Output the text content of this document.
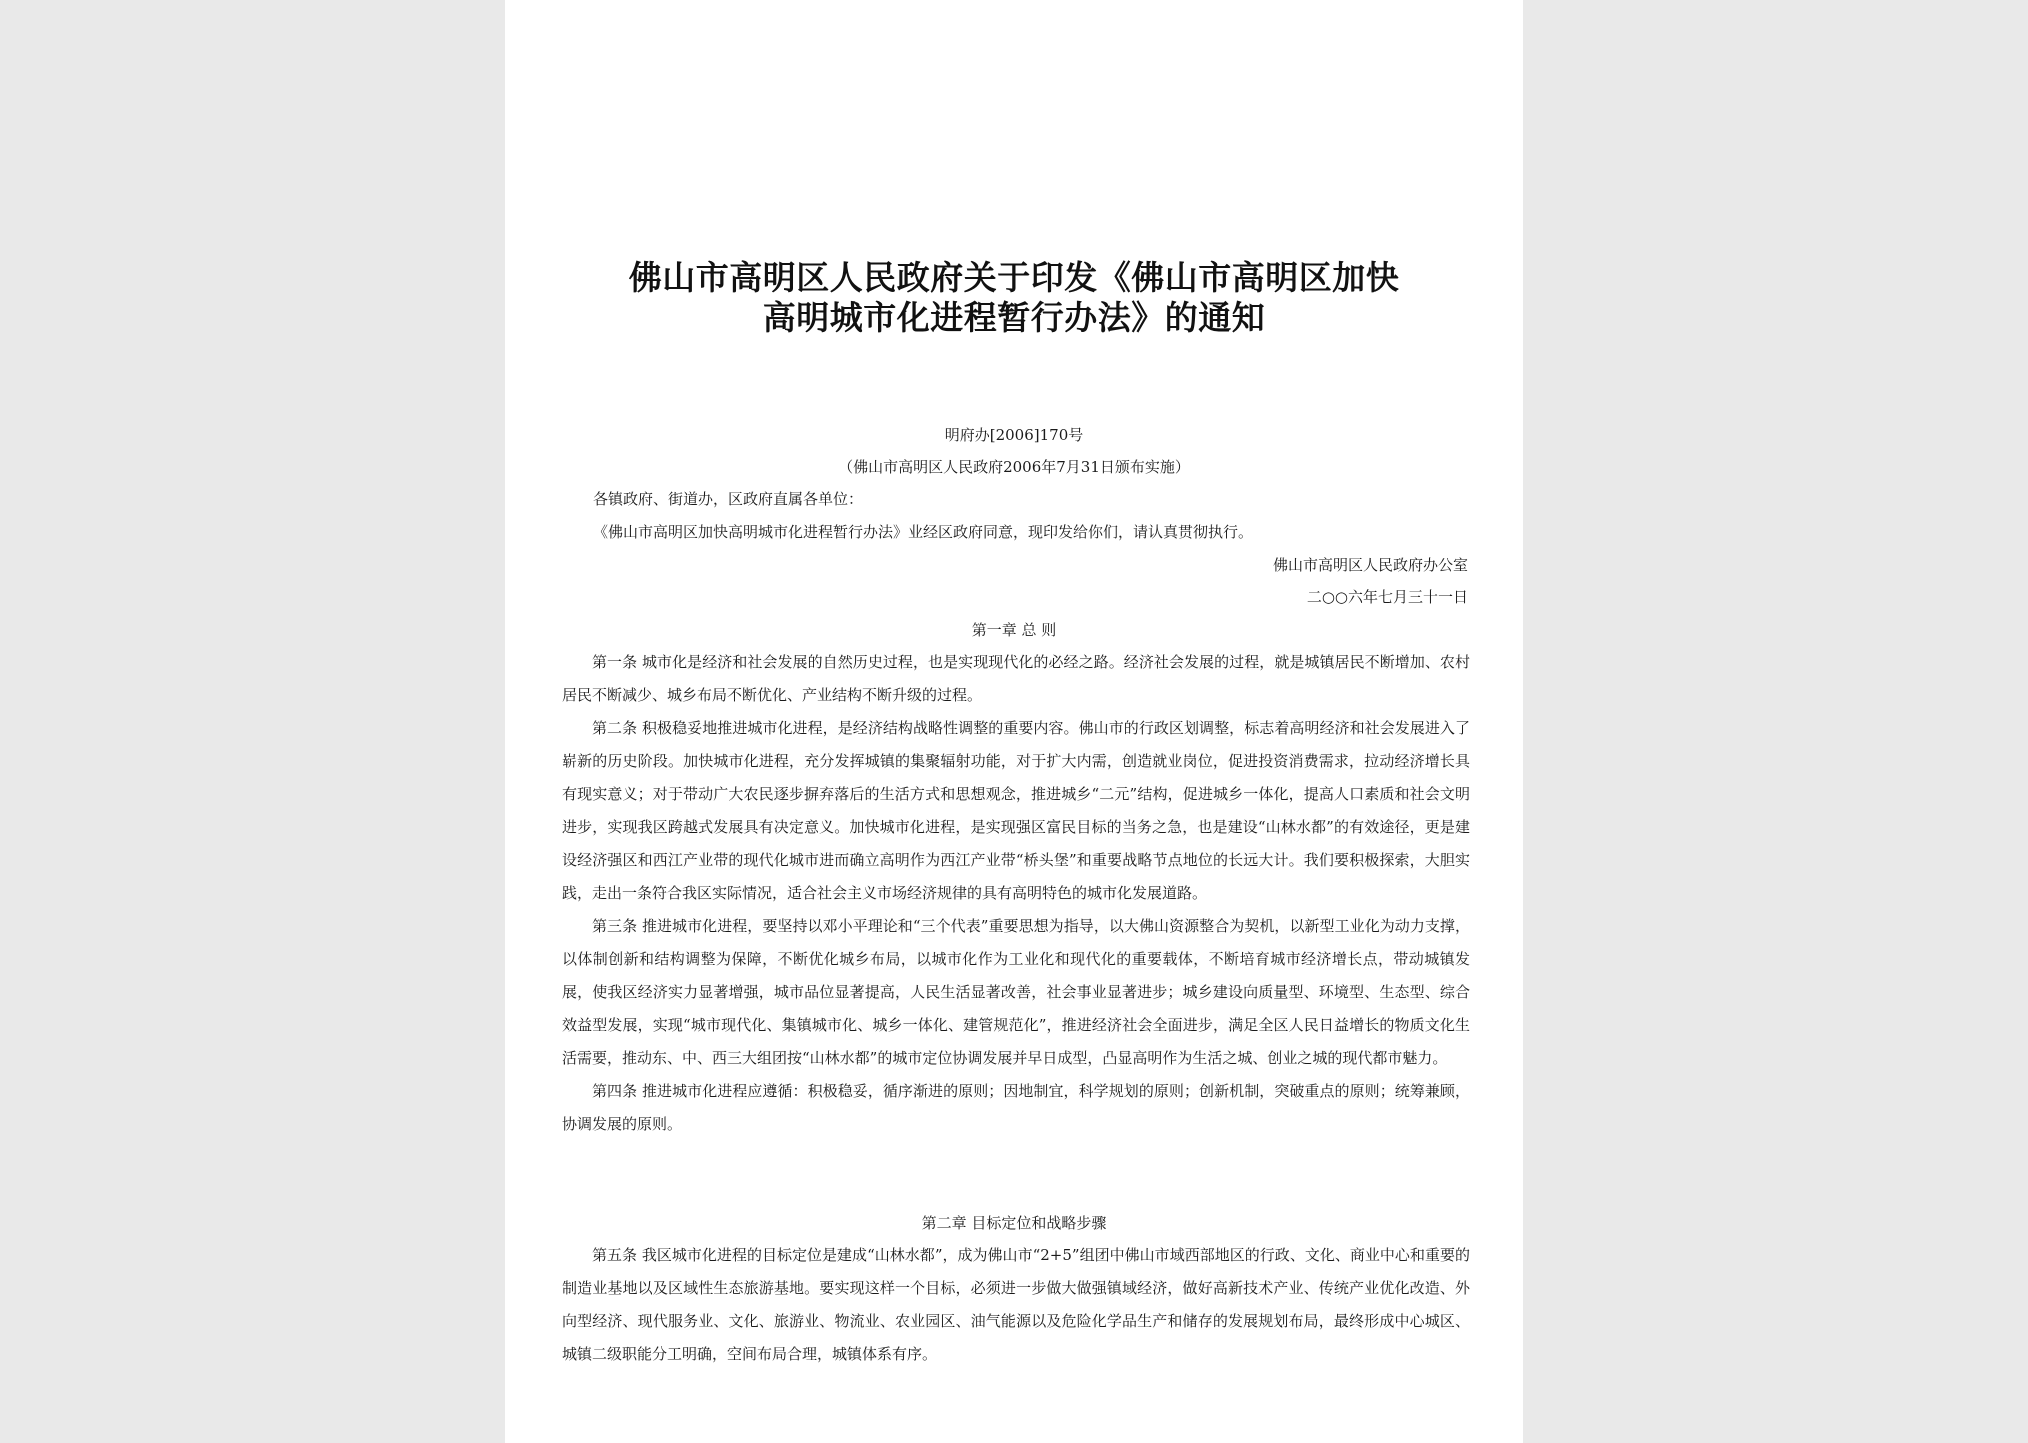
佛山市高明区人民政府关于印发《佛山市高明区加快
高明城市化进程暂行办法》的通知
明府办[2006]170号
（佛山市高明区人民政府2006年7月31日颁布实施）
各镇政府、街道办，区政府直属各单位：
《佛山市高明区加快高明城市化进程暂行办法》业经区政府同意，现印发给你们，请认真贯彻执行。
佛山市高明区人民政府办公室
二○○六年七月三十一日
第一章 总 则

第一条 城市化是经济和社会发展的自然历史过程，也是实现现代化的必经之路。经济社会发展的过程，就是城镇居民不断增加、农村居民不断减少、城乡布局不断优化、产业结构不断升级的过程。

第二条 积极稳妥地推进城市化进程，是经济结构战略性调整的重要内容。佛山市的行政区划调整，标志着高明经济和社会发展进入了崭新的历史阶段。加快城市化进程，充分发挥城镇的集聚辐射功能，对于扩大内需，创造就业岗位，促进投资消费需求，拉动经济增长具有现实意义；对于带动广大农民逐步摒弃落后的生活方式和思想观念，推进城乡“二元”结构，促进城乡一体化，提高人口素质和社会文明进步，实现我区跨越式发展具有决定意义。加快城市化进程，是实现强区富民目标的当务之急，也是建设“山林水都”的有效途径，更是建设经济强区和西江产业带的现代化城市进而确立高明作为西江产业带“桥头堡”和重要战略节点地位的长远大计。我们要积极探索，大胆实践，走出一条符合我区实际情况，适合社会主义市场经济规律的具有高明特色的城市化发展道路。

第三条 推进城市化进程，要坚持以邓小平理论和“三个代表”重要思想为指导，以大佛山资源整合为契机，以新型工业化为动力支撑，以体制创新和结构调整为保障，不断优化城乡布局，以城市化作为工业化和现代化的重要载体，不断培育城市经济增长点，带动城镇发展，使我区经济实力显著增强，城市品位显著提高，人民生活显著改善，社会事业显著进步；城乡建设向质量型、环境型、生态型、综合效益型发展，实现“城市现代化、集镇城市化、城乡一体化、建管规范化”，推进经济社会全面进步，满足全区人民日益增长的物质文化生活需要，推动东、中、西三大组团按“山林水都”的城市定位协调发展并早日成型，凸显高明作为生活之城、创业之城的现代都市魅力。

第四条 推进城市化进程应遵循：积极稳妥，循序渐进的原则；因地制宜，科学规划的原则；创新机制，突破重点的原则；统筹兼顾，协调发展的原则。

第二章 目标定位和战略步骤

第五条 我区城市化进程的目标定位是建成“山林水都”，成为佛山市“2+5”组团中佛山市域西部地区的行政、文化、商业中心和重要的制造业基地以及区域性生态旅游基地。要实现这样一个目标，必须进一步做大做强镇域经济，做好高新技术产业、传统产业优化改造、外向型经济、现代服务业、文化、旅游业、物流业、农业园区、油气能源以及危险化学品生产和储存的发展规划布局，最终形成中心城区、城镇二级职能分工明确，空间布局合理，城镇体系有序。
